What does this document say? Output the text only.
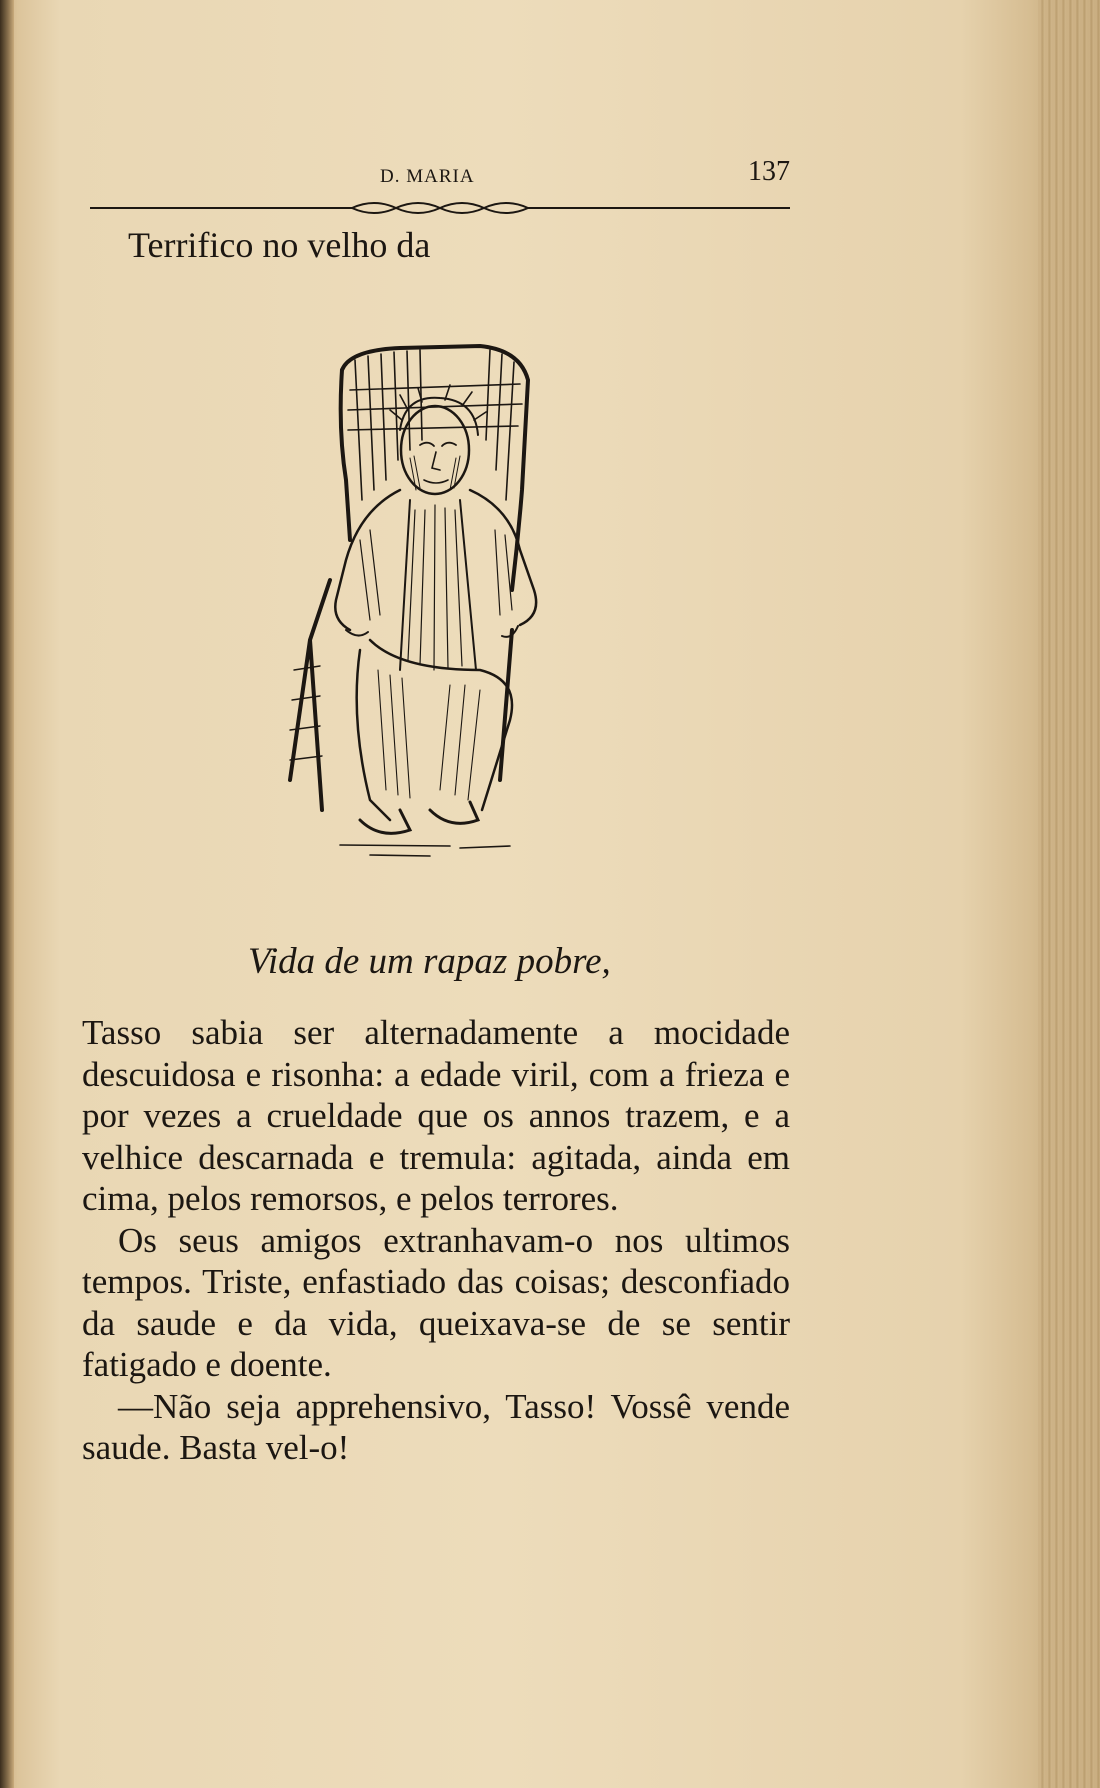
D. MARIA	137
Terrifico no velho da
Vida de um rapaz pobre,

Tasso sabia ser alternadamente a mocidade descuidosa e risonha: a edade viril, com a frieza e por vezes a crueldade que os annos trazem, e a velhice descarnada e tremula: agitada, ainda em cima, pelos remorsos, e pelos terrores.

Os seus amigos extranhavam-o nos ultimos tempos. Triste, enfastiado das coisas; desconfiado da saude e da vida, queixava-se de se sentir fatigado e doente.

—Não seja apprehensivo, Tasso! Vossê vende saude. Basta vel-o!
